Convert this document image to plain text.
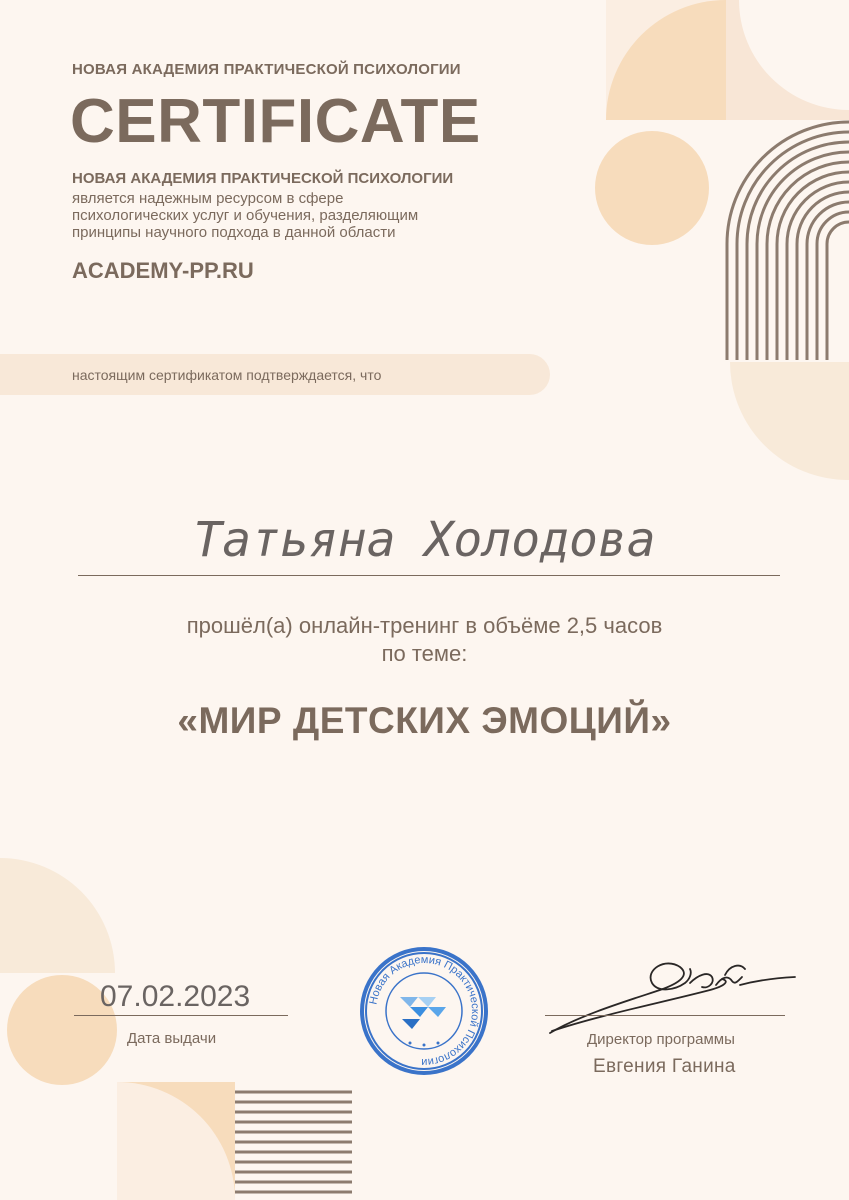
НОВАЯ АКАДЕМИЯ ПРАКТИЧЕСКОЙ ПСИХОЛОГИИ
CERTIFICATE
НОВАЯ АКАДЕМИЯ ПРАКТИЧЕСКОЙ ПСИХОЛОГИИ
является надежным ресурсом в сфере
психологических услуг и обучения, разделяющим
принципы научного подхода в данной области
ACADEMY-PP.RU
настоящим сертификатом подтверждается, что
Татьяна Холодова
прошёл(а) онлайн-тренинг в объёме 2,5 часов
по теме:
«МИР ДЕТСКИХ ЭМОЦИЙ»
07.02.2023
Дата выдачи
Новая Академия Практической Психологии
Директор программы
Евгения Ганина
